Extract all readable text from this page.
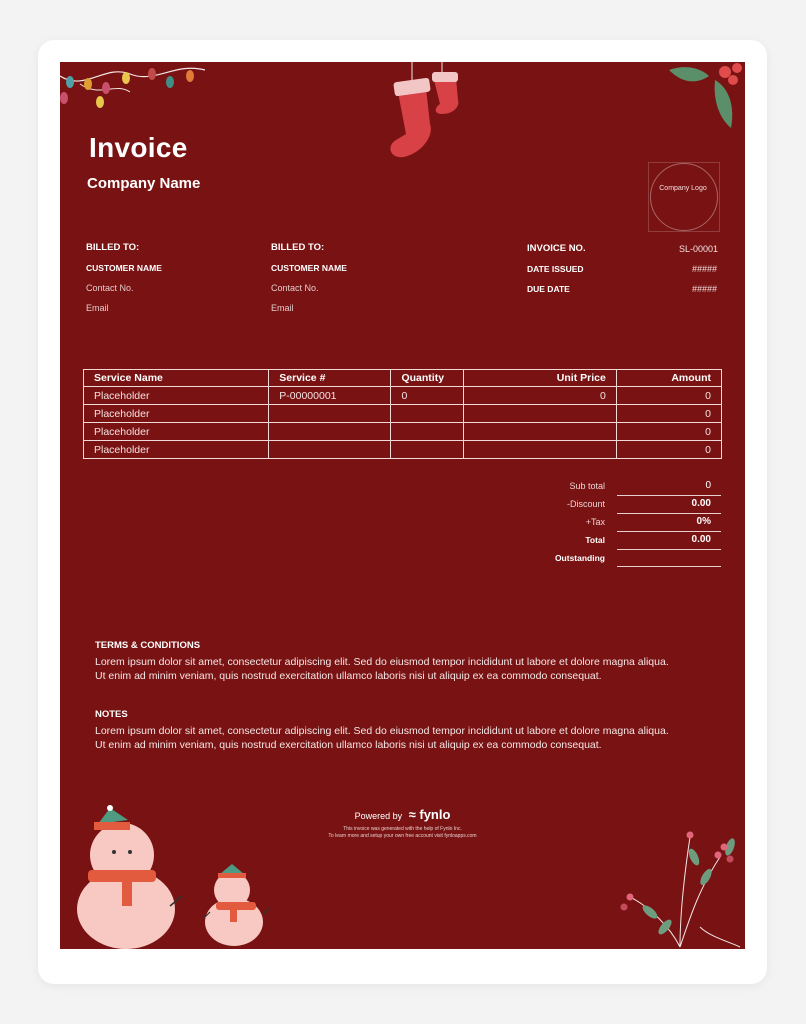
Invoice
Company Name	Company Logo
BILLED TO:
CUSTOMER NAME
Contact No.
Email
BILLED TO:
CUSTOMER NAME
Contact No.
Email
INVOICE NO.	SL-00001
DATE ISSUED	#####
DUE DATE	#####
Service Name	Service #	Quantity	Unit Price	Amount
Placeholder	P-00000001	0	0	0
Placeholder				0
Placeholder				0
Placeholder				0
Sub total	0
-Discount	0.00
+Tax	0%
Total	0.00
Outstanding
TERMS & CONDITIONS
Lorem ipsum dolor sit amet, consectetur adipiscing elit. Sed do eiusmod tempor incididunt ut labore et dolore magna aliqua. Ut enim ad minim veniam, quis nostrud exercitation ullamco laboris nisi ut aliquip ex ea commodo consequat.
NOTES
Lorem ipsum dolor sit amet, consectetur adipiscing elit. Sed do eiusmod tempor incididunt ut labore et dolore magna aliqua. Ut enim ad minim veniam, quis nostrud exercitation ullamco laboris nisi ut aliquip ex ea commodo consequat.
Powered by ≈ fynlo
This invoice was generated with the help of Fynlo Inc.
To learn more and setup your own free account visit fynloapps.com
